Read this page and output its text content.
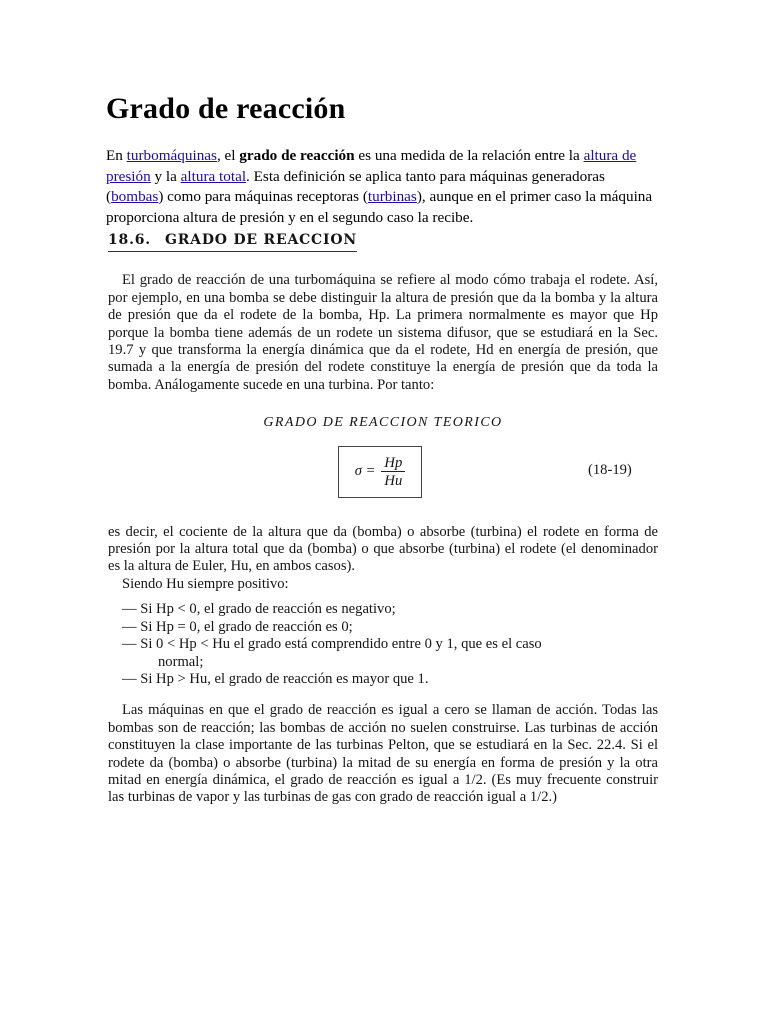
Grado de reacción

En turbomáquinas, el grado de reacción es una medida de la relación entre la altura de presión y la altura total. Esta definición se aplica tanto para máquinas generadoras (bombas) como para máquinas receptoras (turbinas), aunque en el primer caso la máquina proporciona altura de presión y en el segundo caso la recibe.

18.6. GRADO DE REACCION

El grado de reacción de una turbomáquina se refiere al modo cómo trabaja el rodete. Así, por ejemplo, en una bomba se debe distinguir la altura de presión que da la bomba y la altura de presión que da el rodete de la bomba, Hp. La primera normalmente es mayor que Hp porque la bomba tiene además de un rodete un sistema difusor, que se estudiará en la Sec. 19.7 y que transforma la energía dinámica que da el rodete, Hd en energía de presión, que sumada a la energía de presión del rodete constituye la energía de presión que da toda la bomba. Análogamente sucede en una turbina. Por tanto:

GRADO DE REACCION TEORICO

$\sigma = \frac{Hp}{Hu}$	(18-19)

es decir, el cociente de la altura que da (bomba) o absorbe (turbina) el rodete en forma de presión por la altura total que da (bomba) o que absorbe (turbina) el rodete (el denominador es la altura de Euler, Hu, en ambos casos).

Siendo Hu siempre positivo:

— Si Hp < 0, el grado de reacción es negativo;
— Si Hp = 0, el grado de reacción es 0;
— Si 0 < Hp < Hu el grado está comprendido entre 0 y 1, que es el caso
normal;
— Si Hp > Hu, el grado de reacción es mayor que 1.

Las máquinas en que el grado de reacción es igual a cero se llaman de acción. Todas las bombas son de reacción; las bombas de acción no suelen construirse. Las turbinas de acción constituyen la clase importante de las turbinas Pelton, que se estudiará en la Sec. 22.4. Si el rodete da (bomba) o absorbe (turbina) la mitad de su energía en forma de presión y la otra mitad en energía dinámica, el grado de reacción es igual a 1/2. (Es muy frecuente construir las turbinas de vapor y las turbinas de gas con grado de reacción igual a 1/2.)
